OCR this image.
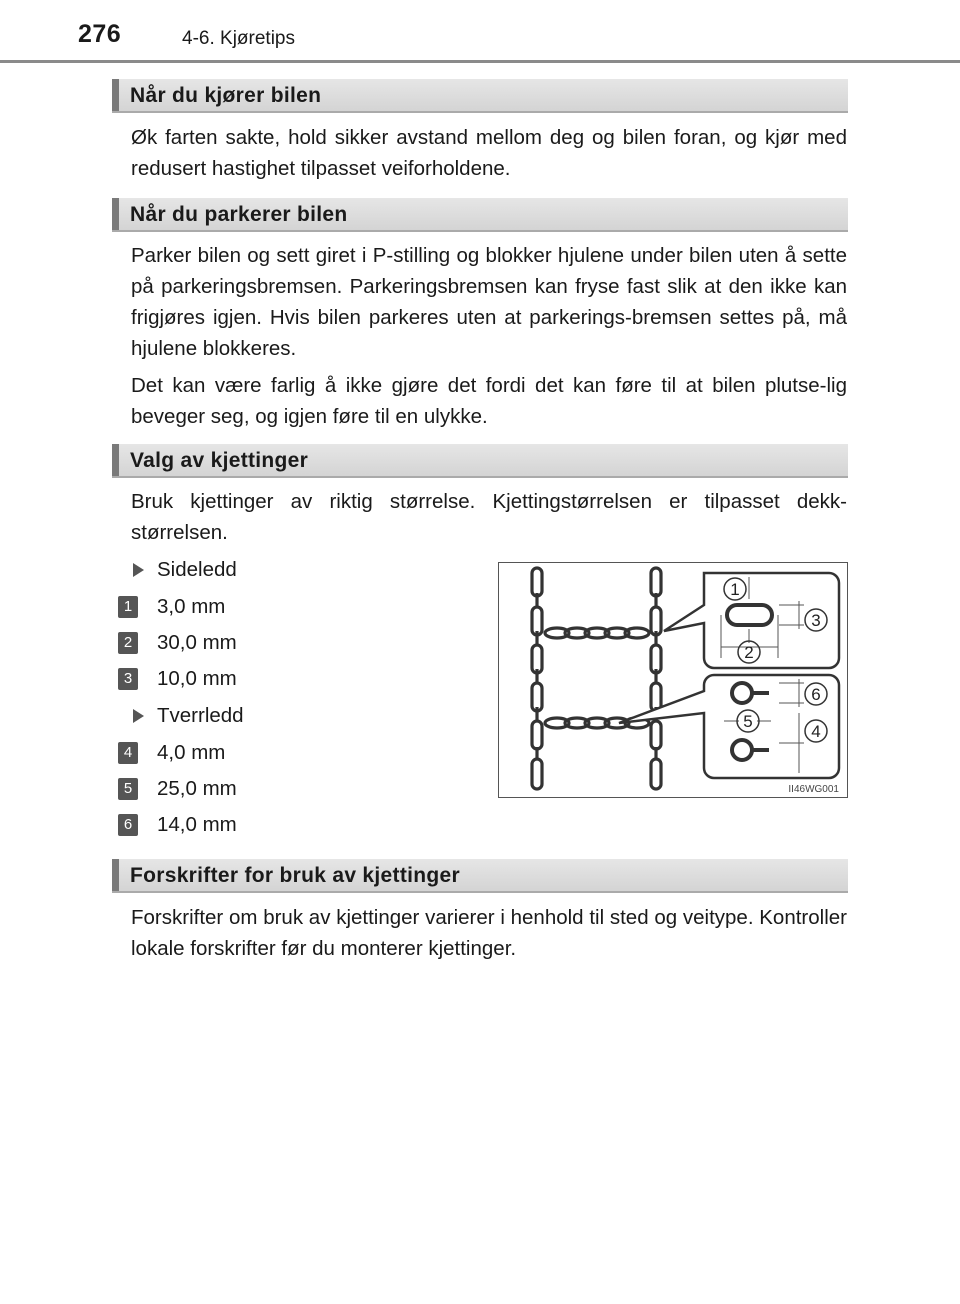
276	4-6. Kjøretips
Når du kjører bilen

Øk farten sakte, hold sikker avstand mellom deg og bilen foran, og kjør med redusert hastighet tilpasset veiforholdene.

Når du parkerer bilen

Parker bilen og sett giret i P-stilling og blokker hjulene under bilen uten å sette på parkeringsbremsen. Parkeringsbremsen kan fryse fast slik at den ikke kan frigjøres igjen. Hvis bilen parkeres uten at parkerings-bremsen settes på, må hjulene blokkeres.

Det kan være farlig å ikke gjøre det fordi det kan føre til at bilen plutse-lig beveger seg, og igjen føre til en ulykke.

Valg av kjettinger

Bruk kjettinger av riktig størrelse. Kjettingstørrelsen er tilpasset dekk-størrelsen.

Sideledd
1 3,0 mm
2 30,0 mm
3 10,0 mm
Tverrledd
4 4,0 mm
5 25,0 mm
6 14,0 mm
1
2
3
4
5
6
II46WG001
Forskrifter for bruk av kjettinger

Forskrifter om bruk av kjettinger varierer i henhold til sted og veitype. Kontroller lokale forskrifter før du monterer kjettinger.
